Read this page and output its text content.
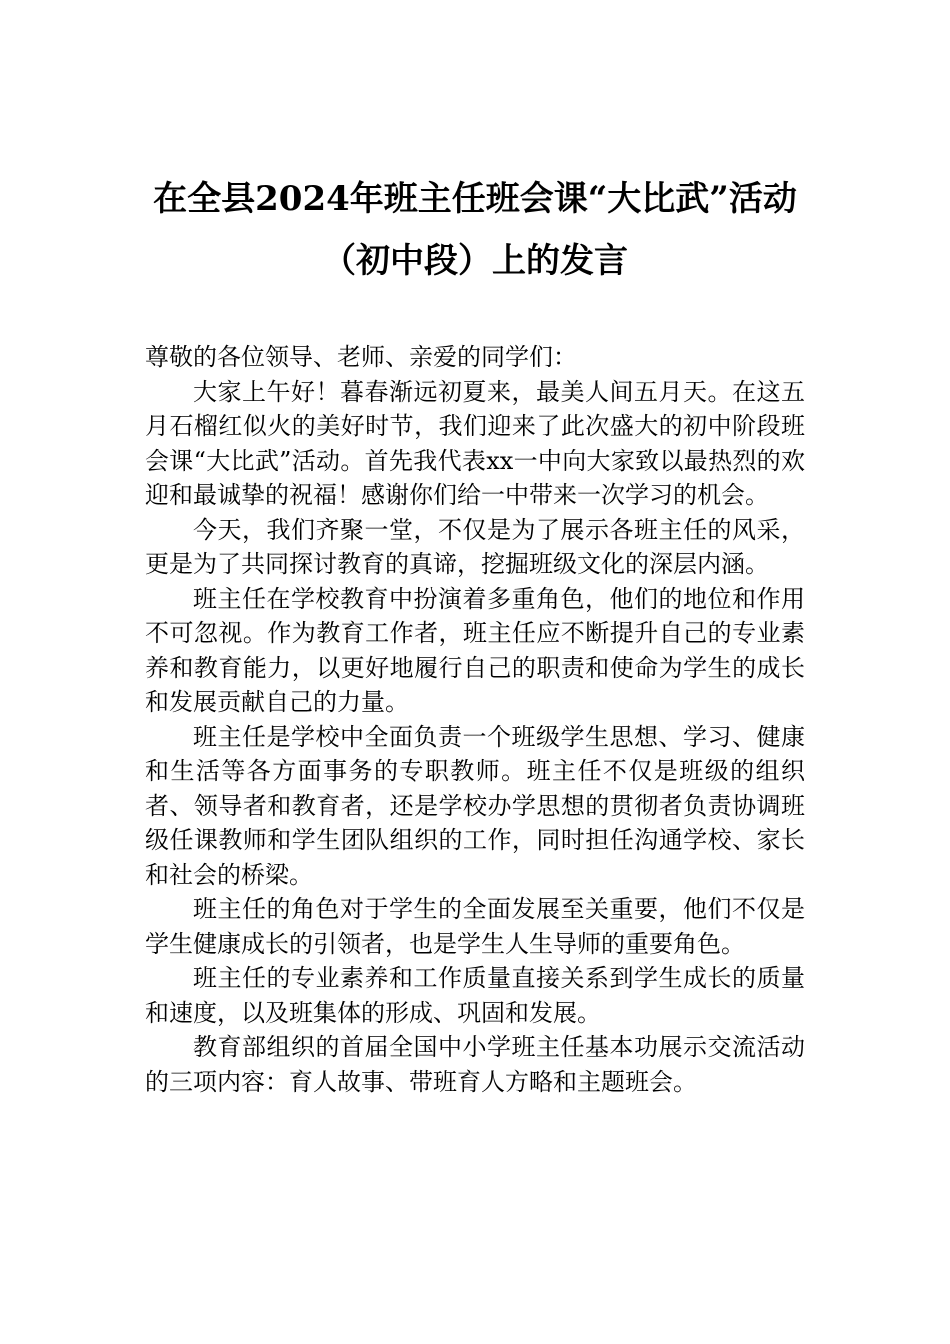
在全县2024年班主任班会课“大比武”活动（初中段）上的发言

尊敬的各位领导、老师、亲爱的同学们：

大家上午好！暮春渐远初夏来，最美人间五月天。在这五月石榴红似火的美好时节，我们迎来了此次盛大的初中阶段班会课“大比武”活动。首先我代表xx一中向大家致以最热烈的欢迎和最诚挚的祝福！感谢你们给一中带来一次学习的机会。

今天，我们齐聚一堂，不仅是为了展示各班主任的风采，更是为了共同探讨教育的真谛，挖掘班级文化的深层内涵。

班主任在学校教育中扮演着多重角色，他们的地位和作用不可忽视。作为教育工作者，班主任应不断提升自己的专业素养和教育能力，以更好地履行自己的职责和使命为学生的成长和发展贡献自己的力量。

班主任是学校中全面负责一个班级学生思想、学习、健康和生活等各方面事务的专职教师。班主任不仅是班级的组织者、领导者和教育者，还是学校办学思想的贯彻者负责协调班级任课教师和学生团队组织的工作，同时担任沟通学校、家长和社会的桥梁。

班主任的角色对于学生的全面发展至关重要，他们不仅是学生健康成长的引领者，也是学生人生导师的重要角色。

班主任的专业素养和工作质量直接关系到学生成长的质量和速度，以及班集体的形成、巩固和发展。

教育部组织的首届全国中小学班主任基本功展示交流活动的三项内容：育人故事、带班育人方略和主题班会。
